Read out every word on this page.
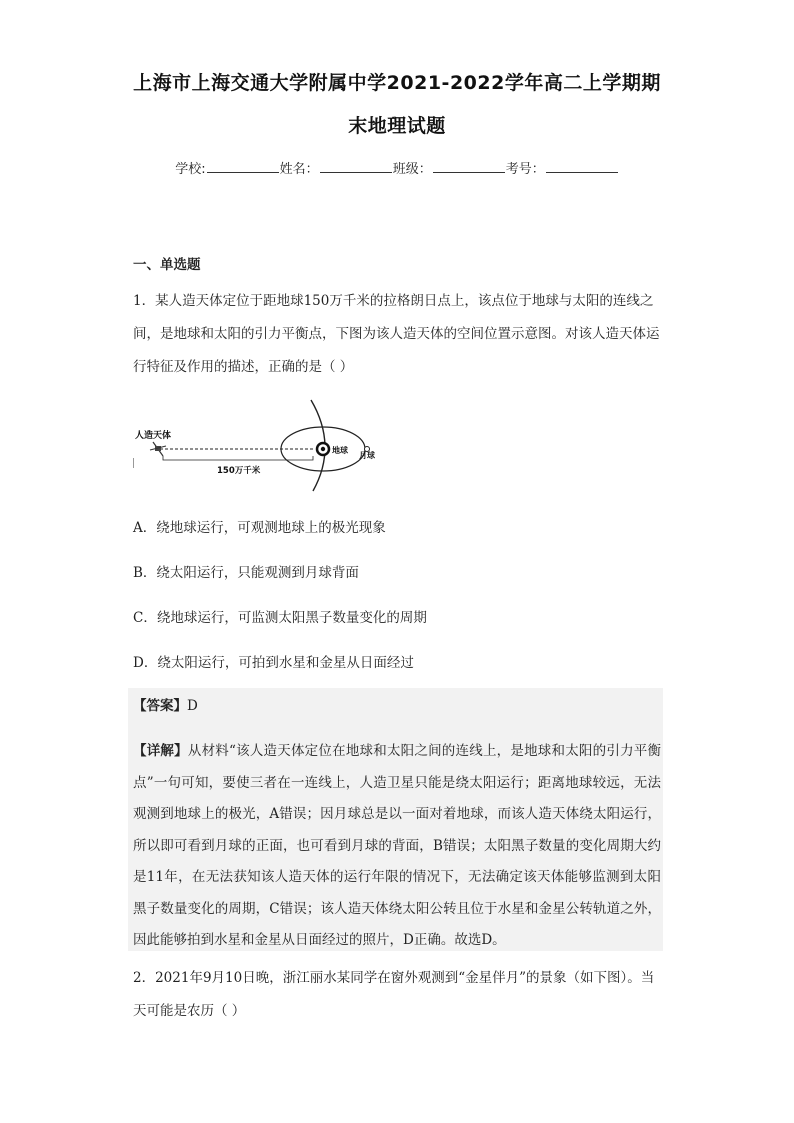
上海市上海交通大学附属中学2021-2022学年高二上学期期
末地理试题
学校:	姓名：	班级：	考号：
一、单选题
1．某人造天体定位于距地球150万千米的拉格朗日点上，该点位于地球与太阳的连线之间，是地球和太阳的引力平衡点，下图为该人造天体的空间位置示意图。对该人造天体运行特征及作用的描述，正确的是（ ）
人造天体
150万千米
地球
月球
A．绕地球运行，可观测地球上的极光现象
B．绕太阳运行，只能观测到月球背面
C．绕地球运行，可监测太阳黑子数量变化的周期
D．绕太阳运行，可拍到水星和金星从日面经过
【答案】D
【详解】从材料“该人造天体定位在地球和太阳之间的连线上，是地球和太阳的引力平衡点”一句可知，要使三者在一连线上，人造卫星只能是绕太阳运行；距离地球较远，无法观测到地球上的极光，A错误；因月球总是以一面对着地球，而该人造天体绕太阳运行，所以即可看到月球的正面，也可看到月球的背面，B错误；太阳黑子数量的变化周期大约是11年，在无法获知该人造天体的运行年限的情况下，无法确定该天体能够监测到太阳黑子数量变化的周期，C错误；该人造天体绕太阳公转且位于水星和金星公转轨道之外，因此能够拍到水星和金星从日面经过的照片，D正确。故选D。
2．2021年9月10日晚，浙江丽水某同学在窗外观测到“金星伴月”的景象（如下图）。当天可能是农历（ ）
